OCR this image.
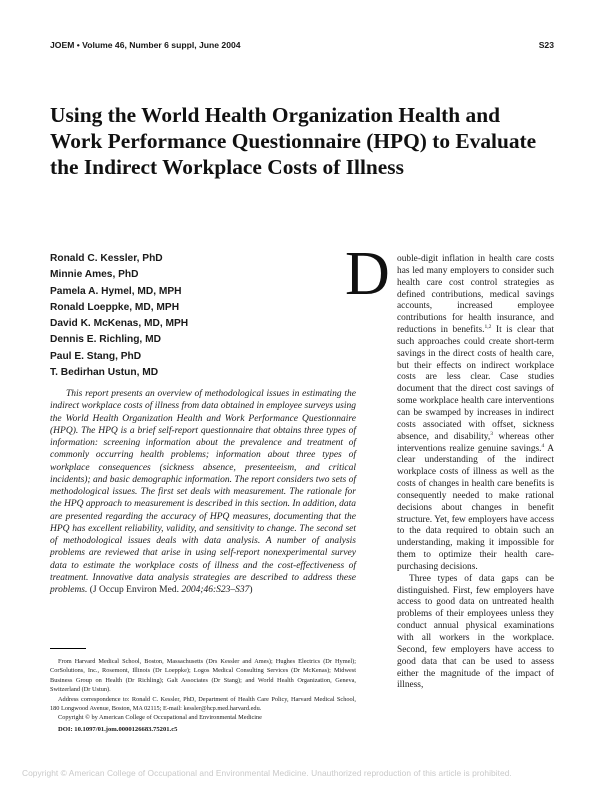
JOEM • Volume 46, Number 6 suppl, June 2004	S23
Using the World Health Organization Health and Work Performance Questionnaire (HPQ) to Evaluate the Indirect Workplace Costs of Illness
Ronald C. Kessler, PhD
Minnie Ames, PhD
Pamela A. Hymel, MD, MPH
Ronald Loeppke, MD, MPH
David K. McKenas, MD, MPH
Dennis E. Richling, MD
Paul E. Stang, PhD
T. Bedirhan Ustun, MD

This report presents an overview of methodological issues in estimating the indirect workplace costs of illness from data obtained in employee surveys using the World Health Organization Health and Work Performance Questionnaire (HPQ). The HPQ is a brief self-report questionnaire that obtains three types of information: screening information about the prevalence and treatment of commonly occurring health problems; information about three types of workplace consequences (sickness absence, presenteeism, and critical incidents); and basic demographic information. The report considers two sets of methodological issues. The first set deals with measurement. The rationale for the HPQ approach to measurement is described in this section. In addition, data are presented regarding the accuracy of HPQ measures, documenting that the HPQ has excellent reliability, validity, and sensitivity to change. The second set of methodological issues deals with data analysis. A number of analysis problems are reviewed that arise in using self-report nonexperimental survey data to estimate the workplace costs of illness and the cost-effectiveness of treatment. Innovative data analysis strategies are described to address these problems. (J Occup Environ Med. 2004;46:S23–S37)

From Harvard Medical School, Boston, Massachusetts (Drs Kessler and Ames); Hughes Electrics (Dr Hymel); CorSolutions, Inc., Rosemont, Illinois (Dr Loeppke); Logos Medical Consulting Services (Dr McKenas); Midwest Business Group on Health (Dr Richling); Galt Associates (Dr Stang); and World Health Organization, Geneva, Switzerland (Dr Ustun).

Address correspondence to: Ronald C. Kessler, PhD, Department of Health Care Policy, Harvard Medical School, 180 Longwood Avenue, Boston, MA 02115; E-mail: kessler@hcp.med.harvard.edu.

Copyright © by American College of Occupational and Environmental Medicine

DOI: 10.1097/01.jom.0000126683.75201.c5

D ouble-digit inflation in health care costs has led many employers to consider such health care cost control strategies as defined contributions, medical savings accounts, increased employee contributions for health insurance, and reductions in benefits.$^{1,2}$ It is clear that such approaches could create short-term savings in the direct costs of health care, but their effects on indirect workplace costs are less clear. Case studies document that the direct cost savings of some workplace health care interventions can be swamped by increases in indirect costs associated with offset, sickness absence, and disability,$^3$ whereas other interventions realize genuine savings.$^4$ A clear understanding of the indirect workplace costs of illness as well as the costs of changes in health care benefits is consequently needed to make rational decisions about changes in benefit structure. Yet, few employers have access to the data required to obtain such an understanding, making it impossible for them to optimize their health care-purchasing decisions.

Three types of data gaps can be distinguished. First, few employers have access to good data on untreated health problems of their employees unless they conduct annual physical examinations with all workers in the workplace. Second, few employers have access to good data that can be used to assess either the magnitude of the impact of illness,

Copyright © American College of Occupational and Environmental Medicine. Unauthorized reproduction of this article is prohibited.
